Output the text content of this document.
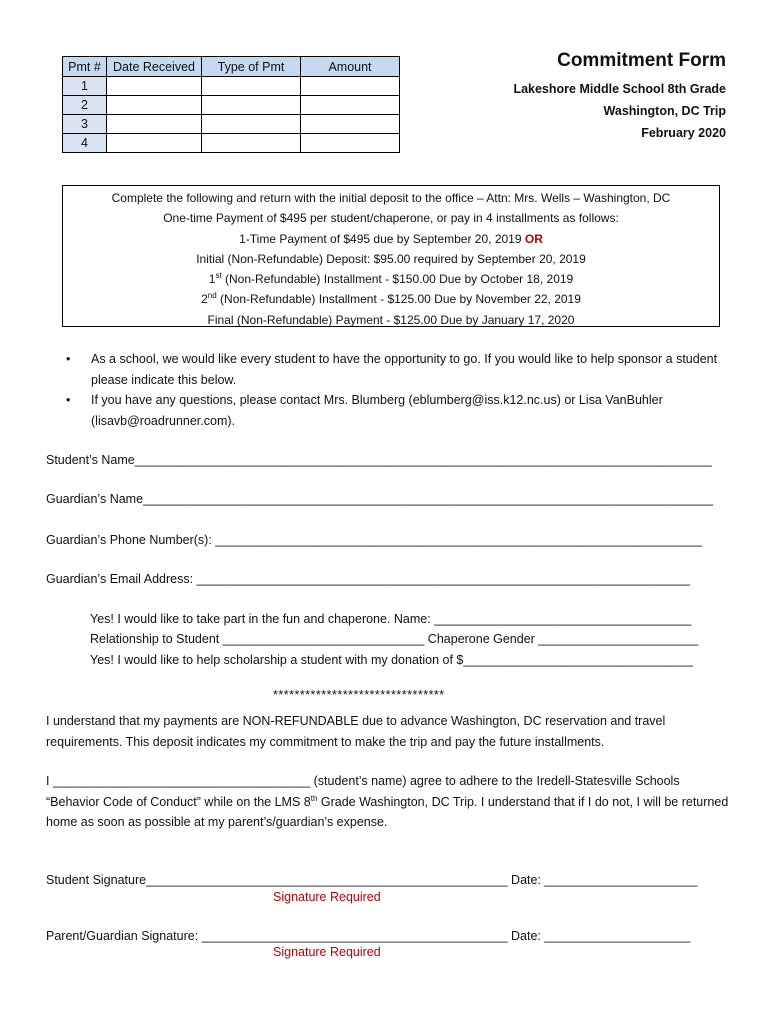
Pmt #	Date Received	Type of Pmt	Amount
1			
2			
3			
4			
Commitment Form
Lakeshore Middle School 8th Grade
Washington, DC Trip
February 2020
Complete the following and return with the initial deposit to the office – Attn: Mrs. Wells – Washington, DC
One-time Payment of $495 per student/chaperone, or pay in 4 installments as follows:
1-Time Payment of $495 due by September 20, 2019 OR
Initial (Non-Refundable) Deposit: $95.00 required by September 20, 2019
1st (Non-Refundable) Installment - $150.00 Due by October 18, 2019
2nd (Non-Refundable) Installment - $125.00 Due by November 22, 2019
Final (Non-Refundable) Payment - $125.00 Due by January 17, 2020
• As a school, we would like every student to have the opportunity to go. If you would like to help sponsor a student please indicate this below.
• If you have any questions, please contact Mrs. Blumberg (eblumberg@iss.k12.nc.us) or Lisa VanBuhler (lisavb@roadrunner.com).
Student’s Name___________________________________________________________________________________
Guardian’s Name__________________________________________________________________________________
Guardian’s Phone Number(s): ______________________________________________________________________
Guardian’s Email Address: _______________________________________________________________________
Yes! I would like to take part in the fun and chaperone. Name: _____________________________________
Relationship to Student _____________________________ Chaperone Gender _______________________
Yes! I would like to help scholarship a student with my donation of $_________________________________
********************************
I understand that my payments are NON-REFUNDABLE due to advance Washington, DC reservation and travel requirements. This deposit indicates my commitment to make the trip and pay the future installments.
I _____________________________________ (student’s name) agree to adhere to the Iredell-Statesville Schools “Behavior Code of Conduct” while on the LMS 8th Grade Washington, DC Trip. I understand that if I do not, I will be returned home as soon as possible at my parent’s/guardian’s expense.
Student Signature____________________________________________________ Date: ______________________
Signature Required
Parent/Guardian Signature: ____________________________________________ Date: _____________________
Signature Required
